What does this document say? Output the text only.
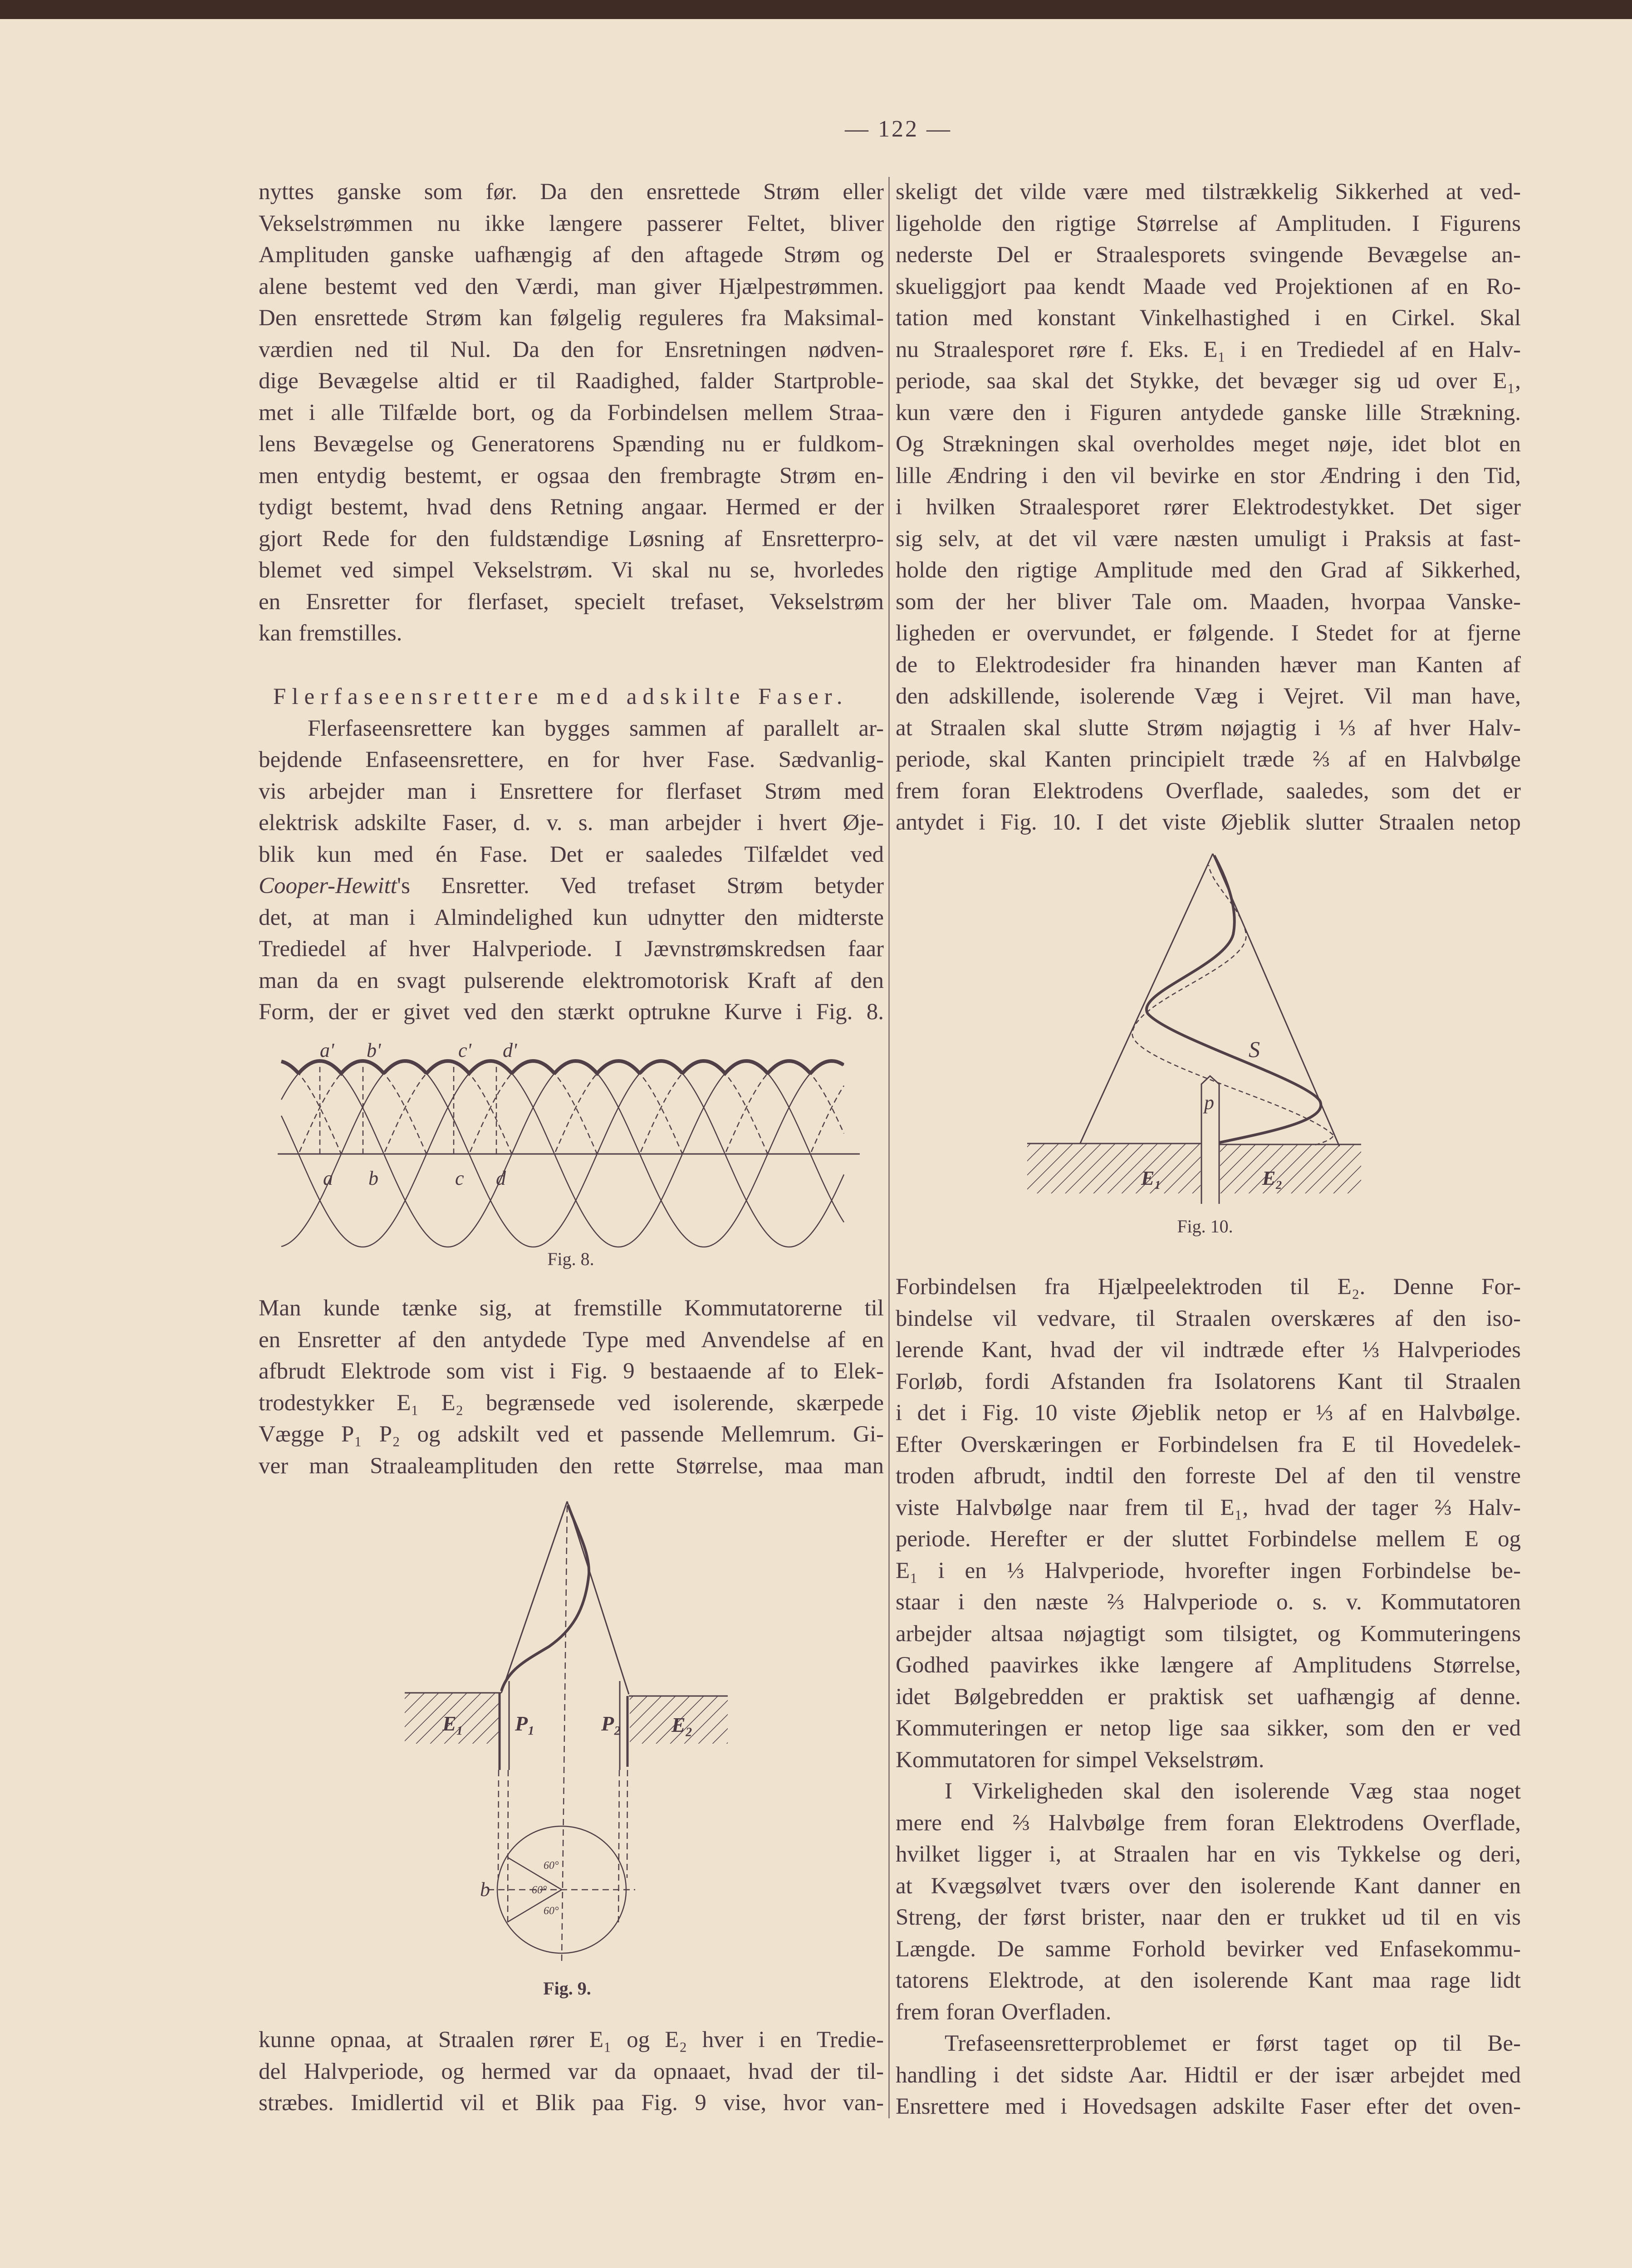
— 122 —
nyttes ganske som før. Da den ensrettede Strøm eller
Vekselstrømmen nu ikke længere passerer Feltet, bliver
Amplituden ganske uafhængig af den aftagede Strøm og
alene bestemt ved den Værdi, man giver Hjælpestrømmen.
Den ensrettede Strøm kan følgelig reguleres fra Maksimal-
værdien ned til Nul. Da den for Ensretningen nødven-
dige Bevægelse altid er til Raadighed, falder Startproble-
met i alle Tilfælde bort, og da Forbindelsen mellem Straa-
lens Bevægelse og Generatorens Spænding nu er fuldkom-
men entydig bestemt, er ogsaa den frembragte Strøm en-
tydigt bestemt, hvad dens Retning angaar. Hermed er der
gjort Rede for den fuldstændige Løsning af Ensretterpro-
blemet ved simpel Vekselstrøm. Vi skal nu se, hvorledes
en Ensretter for flerfaset, specielt trefaset, Vekselstrøm
kan fremstilles.
Flerfaseensrettere med adskilte Faser.
Flerfaseensrettere kan bygges sammen af parallelt ar-
bejdende Enfaseensrettere, en for hver Fase. Sædvanlig-
vis arbejder man i Ensrettere for flerfaset Strøm med
elektrisk adskilte Faser, d. v. s. man arbejder i hvert Øje-
blik kun med én Fase. Det er saaledes Tilfældet ved
Cooper-Hewitt's Ensretter. Ved trefaset Strøm betyder
det, at man i Almindelighed kun udnytter den midterste
Trediedel af hver Halvperiode. I Jævnstrømskredsen faar
man da en svagt pulserende elektromotorisk Kraft af den
Form, der er givet ved den stærkt optrukne Kurve i Fig. 8.
Man kunde tænke sig, at fremstille Kommutatorerne til
en Ensretter af den antydede Type med Anvendelse af en
afbrudt Elektrode som vist i Fig. 9 bestaaende af to Elek-
trodestykker E₁ E₂ begrænsede ved isolerende, skærpede
Vægge P₁ P₂ og adskilt ved et passende Mellemrum. Gi-
ver man Straaleamplituden den rette Størrelse, maa man
kunne opnaa, at Straalen rører E₁ og E₂ hver i en Tredie-
del Halvperiode, og hermed var da opnaaet, hvad der til-
stræbes. Imidlertid vil et Blik paa Fig. 9 vise, hvor van-
skeligt det vilde være med tilstrækkelig Sikkerhed at ved-
ligeholde den rigtige Størrelse af Amplituden. I Figurens
nederste Del er Straalesporets svingende Bevægelse an-
skueliggjort paa kendt Maade ved Projektionen af en Ro-
tation med konstant Vinkelhastighed i en Cirkel. Skal
nu Straalesporet røre f. Eks. E₁ i en Trediedel af en Halv-
periode, saa skal det Stykke, det bevæger sig ud over E₁,
kun være den i Figuren antydede ganske lille Strækning.
Og Strækningen skal overholdes meget nøje, idet blot en
lille Ændring i den vil bevirke en stor Ændring i den Tid,
i hvilken Straalesporet rører Elektrodestykket. Det siger
sig selv, at det vil være næsten umuligt i Praksis at fast-
holde den rigtige Amplitude med den Grad af Sikkerhed,
som der her bliver Tale om. Maaden, hvorpaa Vanske-
ligheden er overvundet, er følgende. I Stedet for at fjerne
de to Elektrodesider fra hinanden hæver man Kanten af
den adskillende, isolerende Væg i Vejret. Vil man have,
at Straalen skal slutte Strøm nøjagtig i ⅓ af hver Halv-
periode, skal Kanten principielt træde ⅔ af en Halvbølge
frem foran Elektrodens Overflade, saaledes, som det er
antydet i Fig. 10. I det viste Øjeblik slutter Straalen netop
Forbindelsen fra Hjælpeelektroden til E₂. Denne For-
bindelse vil vedvare, til Straalen overskæres af den iso-
lerende Kant, hvad der vil indtræde efter ⅓ Halvperiodes
Forløb, fordi Afstanden fra Isolatorens Kant til Straalen
i det i Fig. 10 viste Øjeblik netop er ⅓ af en Halvbølge.
Efter Overskæringen er Forbindelsen fra E til Hovedelek-
troden afbrudt, indtil den forreste Del af den til venstre
viste Halvbølge naar frem til E₁, hvad der tager ⅔ Halv-
periode. Herefter er der sluttet Forbindelse mellem E og
E₁ i en ⅓ Halvperiode, hvorefter ingen Forbindelse be-
staar i den næste ⅔ Halvperiode o. s. v. Kommutatoren
arbejder altsaa nøjagtigt som tilsigtet, og Kommuteringens
Godhed paavirkes ikke længere af Amplitudens Størrelse,
idet Bølgebredden er praktisk set uafhængig af denne.
Kommuteringen er netop lige saa sikker, som den er ved
Kommutatoren for simpel Vekselstrøm.
I Virkeligheden skal den isolerende Væg staa noget
mere end ⅔ Halvbølge frem foran Elektrodens Overflade,
hvilket ligger i, at Straalen har en vis Tykkelse og deri,
at Kvægsølvet tværs over den isolerende Kant danner en
Streng, der først brister, naar den er trukket ud til en vis
Længde. De samme Forhold bevirker ved Enfasekommu-
tatorens Elektrode, at den isolerende Kant maa rage lidt
frem foran Overfladen.
Trefaseensretterproblemet er først taget op til Be-
handling i det sidste Aar. Hidtil er der især arbejdet med
Ensrettere med i Hovedsagen adskilte Faser efter det oven-
a' b'	c' d'
a b	c d
Fig. 8.
E₁ P₁	P₂ E₂
b
60°
60°
60°
Fig. 9.
E₁	E₂
p
S
Fig. 10.
